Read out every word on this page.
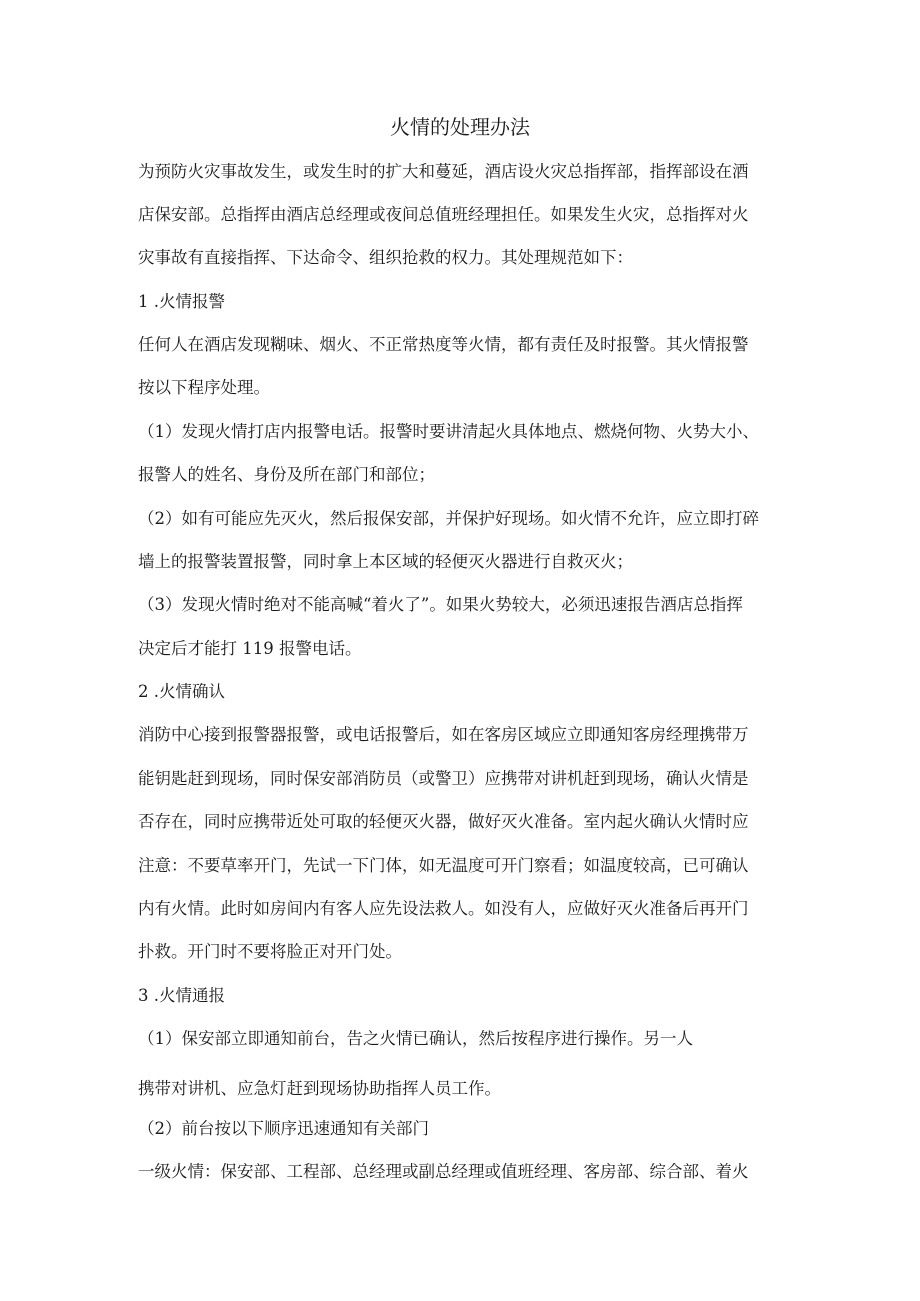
火情的处理办法
为预防火灾事故发生，或发生时的扩大和蔓延，酒店设火灾总指挥部，指挥部设在酒
店保安部。总指挥由酒店总经理或夜间总值班经理担任。如果发生火灾，总指挥对火
灾事故有直接指挥、下达命令、组织抢救的权力。其处理规范如下：
1 .火情报警
任何人在酒店发现糊味、烟火、不正常热度等火情，都有责任及时报警。其火情报警
按以下程序处理。
（1）发现火情打店内报警电话。报警时要讲清起火具体地点、燃烧何物、火势大小、
报警人的姓名、身份及所在部门和部位；
（2）如有可能应先灭火，然后报保安部，并保护好现场。如火情不允许，应立即打碎
墙上的报警装置报警，同时拿上本区域的轻便灭火器进行自救灭火；
（3）发现火情时绝对不能高喊“着火了”。如果火势较大，必须迅速报告酒店总指挥
决定后才能打 119 报警电话。
2 .火情确认
消防中心接到报警器报警，或电话报警后，如在客房区域应立即通知客房经理携带万
能钥匙赶到现场，同时保安部消防员（或警卫）应携带对讲机赶到现场，确认火情是
否存在，同时应携带近处可取的轻便灭火器，做好灭火准备。室内起火确认火情时应
注意：不要草率开门，先试一下门体，如无温度可开门察看；如温度较高，已可确认
内有火情。此时如房间内有客人应先设法救人。如没有人，应做好灭火准备后再开门
扑救。开门时不要将脸正对开门处。
3 .火情通报
（1）保安部立即通知前台，告之火情已确认，然后按程序进行操作。另一人
携带对讲机、应急灯赶到现场协助指挥人员工作。
（2）前台按以下顺序迅速通知有关部门
一级火情：保安部、工程部、总经理或副总经理或值班经理、客房部、综合部、着火
